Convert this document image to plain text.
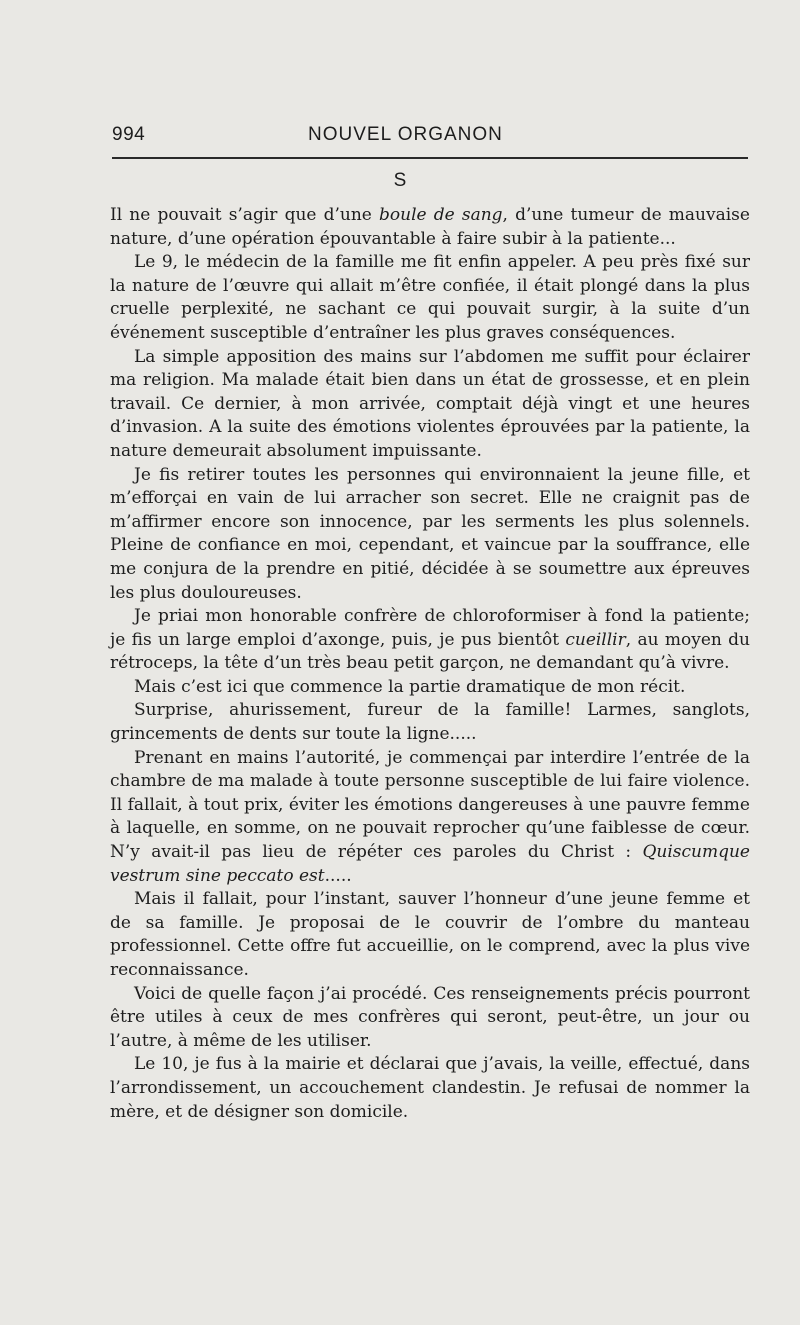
994	NOUVEL ORGANON
S

Il ne pouvait s’agir que d’une boule de sang, d’une tumeur de mauvaise nature, d’une opération épouvantable à faire subir à la patiente...

Le 9, le médecin de la famille me fit enfin appeler. A peu près fixé sur la nature de l’œuvre qui allait m’être confiée, il était plongé dans la plus cruelle perplexité, ne sachant ce qui pouvait surgir, à la suite d’un événement susceptible d’entraîner les plus graves conséquences.

La simple apposition des mains sur l’abdomen me suffit pour éclairer ma religion. Ma malade était bien dans un état de grossesse, et en plein travail. Ce dernier, à mon arrivée, comptait déjà vingt et une heures d’invasion. A la suite des émotions violentes éprouvées par la patiente, la nature demeurait absolument impuissante.

Je fis retirer toutes les personnes qui environnaient la jeune fille, et m’efforçai en vain de lui arracher son secret. Elle ne craignit pas de m’affirmer encore son innocence, par les serments les plus solennels. Pleine de confiance en moi, cependant, et vaincue par la souffrance, elle me conjura de la prendre en pitié, décidée à se soumettre aux épreuves les plus douloureuses.

Je priai mon honorable confrère de chloroformiser à fond la patiente; je fis un large emploi d’axonge, puis, je pus bientôt cueillir, au moyen du rétroceps, la tête d’un très beau petit garçon, ne demandant qu’à vivre.

Mais c’est ici que commence la partie dramatique de mon récit.

Surprise, ahurissement, fureur de la famille! Larmes, sanglots, grincements de dents sur toute la ligne.....

Prenant en mains l’autorité, je commençai par interdire l’entrée de la chambre de ma malade à toute personne susceptible de lui faire violence. Il fallait, à tout prix, éviter les émotions dangereuses à une pauvre femme à laquelle, en somme, on ne pouvait reprocher qu’une faiblesse de cœur. N’y avait-il pas lieu de répéter ces paroles du Christ : Quiscumque vestrum sine peccato est.....

Mais il fallait, pour l’instant, sauver l’honneur d’une jeune femme et de sa famille. Je proposai de le couvrir de l’ombre du manteau professionnel. Cette offre fut accueillie, on le comprend, avec la plus vive reconnaissance.

Voici de quelle façon j’ai procédé. Ces renseignements précis pourront être utiles à ceux de mes confrères qui seront, peut-être, un jour ou l’autre, à même de les utiliser.

Le 10, je fus à la mairie et déclarai que j’avais, la veille, effectué, dans l’arrondissement, un accouchement clandestin. Je refusai de nommer la mère, et de désigner son domicile.
